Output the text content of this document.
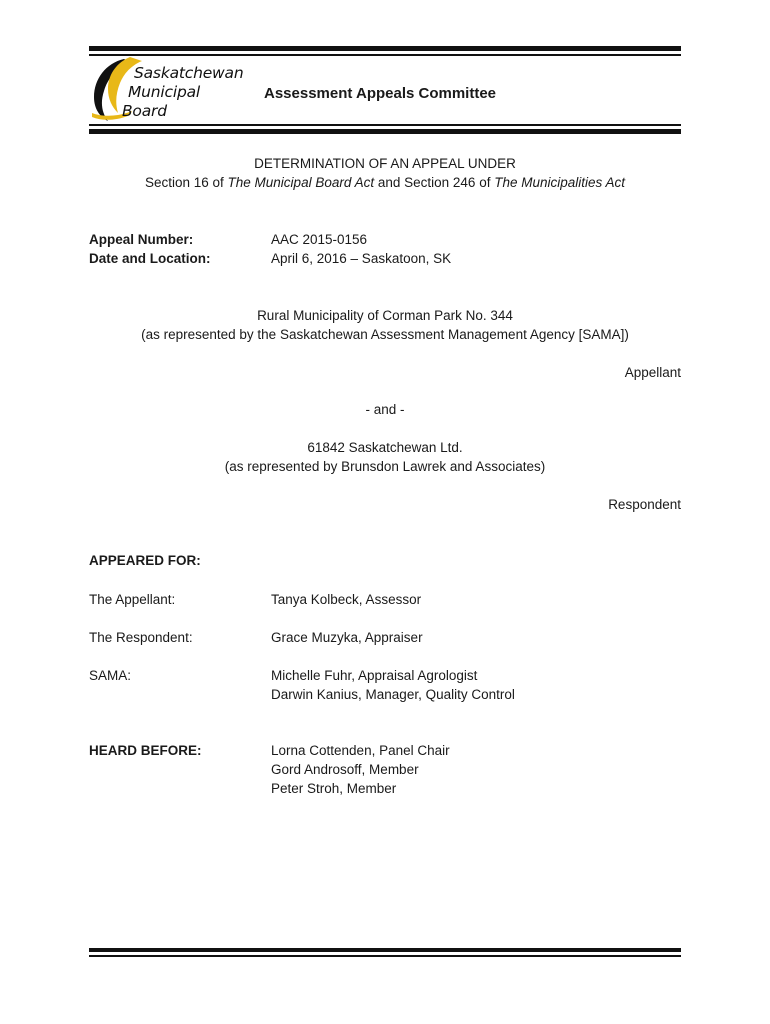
Saskatchewan
Municipal
Board
Assessment Appeals Committee
DETERMINATION OF AN APPEAL UNDER
Section 16 of The Municipal Board Act and Section 246 of The Municipalities Act
Appeal Number:	AAC 2015-0156
Date and Location:	April 6, 2016 – Saskatoon, SK
Rural Municipality of Corman Park No. 344
(as represented by the Saskatchewan Assessment Management Agency [SAMA])
Appellant
- and -
61842 Saskatchewan Ltd.
(as represented by Brunsdon Lawrek and Associates)
Respondent
APPEARED FOR:
The Appellant:	Tanya Kolbeck, Assessor
The Respondent:	Grace Muzyka, Appraiser
SAMA:	Michelle Fuhr, Appraisal Agrologist
Darwin Kanius, Manager, Quality Control
HEARD BEFORE:	Lorna Cottenden, Panel Chair
Gord Androsoff, Member
Peter Stroh, Member
